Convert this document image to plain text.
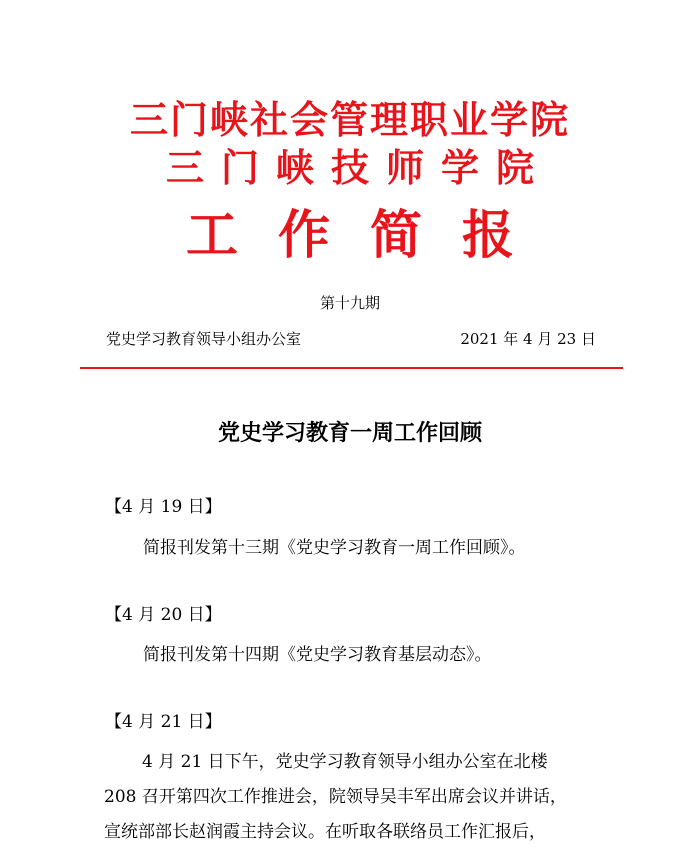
三门峡社会管理职业学院
三门峡技师学院
工作简报
第十九期
党史学习教育领导小组办公室	2021 年 4 月 23 日
党史学习教育一周工作回顾
【4 月 19 日】
简报刊发第十三期《党史学习教育一周工作回顾》。
【4 月 20 日】
简报刊发第十四期《党史学习教育基层动态》。
【4 月 21 日】
4 月 21 日下午，党史学习教育领导小组办公室在北楼
208 召开第四次工作推进会，院领导吴丰军出席会议并讲话，
宣统部部长赵润霞主持会议。在听取各联络员工作汇报后，
